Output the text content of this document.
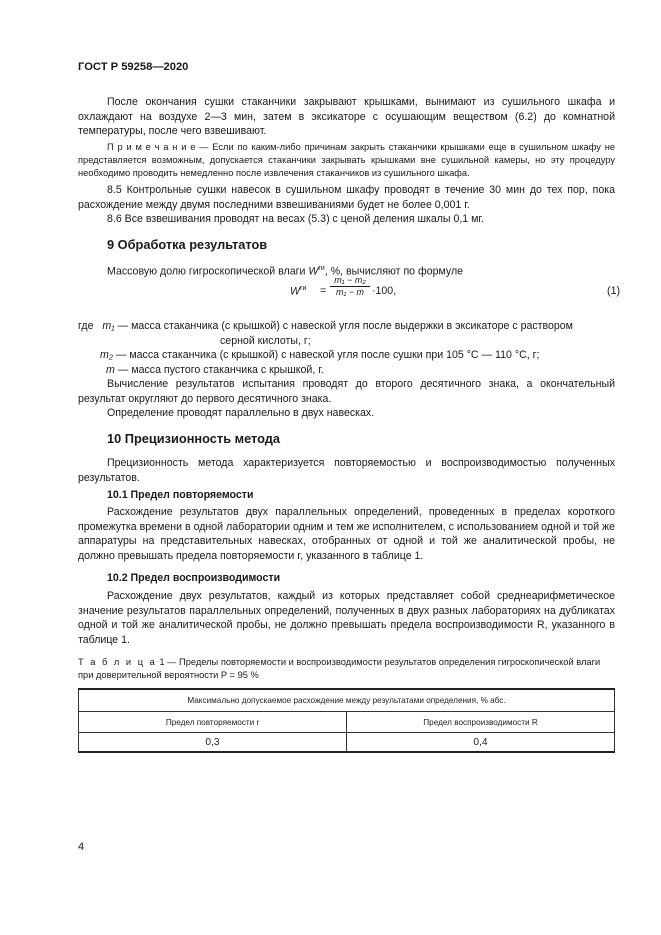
ГОСТ Р 59258—2020

После окончания сушки стаканчики закрывают крышками, вынимают из сушильного шкафа и охлаждают на воздухе 2—3 мин, затем в эксикаторе с осушающим веществом (6.2) до комнатной температуры, после чего взвешивают.

П р и м е ч а н и е — Если по каким-либо причинам закрыть стаканчики крышками еще в сушильном шкафу не представляется возможным, допускается стаканчики закрывать крышками вне сушильной камеры, но эту процедуру необходимо проводить немедленно после извлечения стаканчиков из сушильного шкафа.

8.5 Контрольные сушки навесок в сушильном шкафу проводят в течение 30 мин до тех пор, пока расхождение между двумя последними взвешиваниями будет не более 0,001 г.

8.6 Все взвешивания проводят на весах (5.3) с ценой деления шкалы 0,1 мг.

9 Обработка результатов
Массовую долю гигроскопической влаги $W^{ги}$, %, вычисляют по формуле
$W^{ги} = \frac{\text{m₁ − m₂}}{\text{m₁ − m}} \cdot 100$,	(1)
где m₁ — масса стаканчика (с крышкой) с навеской угля после выдержки в эксикаторе с раствором
серной кислоты, г;
m₂ — масса стаканчика (с крышкой) с навеской угля после сушки при 105 °С — 110 °С, г;
m — масса пустого стаканчика с крышкой, г.

Вычисление результатов испытания проводят до второго десятичного знака, а окончательный результат округляют до первого десятичного знака.

Определение проводят параллельно в двух навесках.

10 Прецизионность метода

Прецизионность метода характеризуется повторяемостью и воспроизводимостью полученных результатов.

10.1 Предел повторяемости

Расхождение результатов двух параллельных определений, проведенных в пределах короткого промежутка времени в одной лаборатории одним и тем же исполнителем, с использованием одной и той же аппаратуры на представительных навесках, отобранных от одной и той же аналитической пробы, не должно превышать предела повторяемости r, указанного в таблице 1.

10.2 Предел воспроизводимости

Расхождение двух результатов, каждый из которых представляет собой среднеарифметическое значение результатов параллельных определений, полученных в двух разных лабораториях на дубликатах одной и той же аналитической пробы, не должно превышать предела воспроизводимости R, указанного в таблице 1.

Т а б л и ц а 1 — Пределы повторяемости и воспроизводимости результатов определения гигроскопической влаги при доверительной вероятности P = 95 %
Максимально допускаемое расхождение между результатами определения, % абс.	
Предел повторяемости r	Предел воспроизводимости R
0,3	0,4
4
